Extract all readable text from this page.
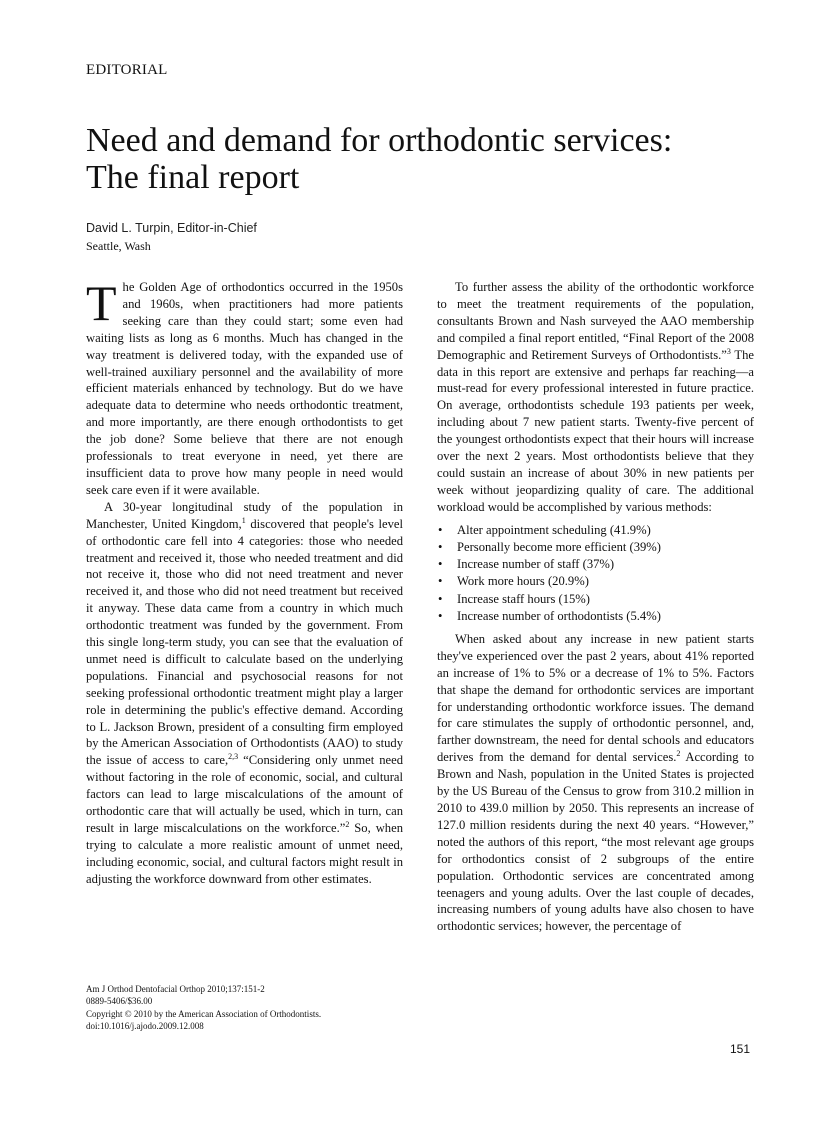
EDITORIAL
Need and demand for orthodontic services:
The final report
David L. Turpin, Editor-in-Chief
Seattle, Wash

The Golden Age of orthodontics occurred in the 1950s and 1960s, when practitioners had more patients seeking care than they could start; some even had waiting lists as long as 6 months. Much has changed in the way treatment is delivered today, with the expanded use of well-trained auxiliary personnel and the availability of more efficient materials enhanced by technology. But do we have adequate data to determine who needs orthodontic treatment, and more importantly, are there enough orthodontists to get the job done? Some believe that there are not enough professionals to treat everyone in need, yet there are insufficient data to prove how many people in need would seek care even if it were available.

A 30-year longitudinal study of the population in Manchester, United Kingdom,$^1$ discovered that people's level of orthodontic care fell into 4 categories: those who needed treatment and received it, those who needed treatment and did not receive it, those who did not need treatment and never received it, and those who did not need treatment but received it anyway. These data came from a country in which much orthodontic treatment was funded by the government. From this single long-term study, you can see that the evaluation of unmet need is difficult to calculate based on the underlying populations. Financial and psychosocial reasons for not seeking professional orthodontic treatment might play a larger role in determining the public's effective demand. According to L. Jackson Brown, president of a consulting firm employed by the American Association of Orthodontists (AAO) to study the issue of access to care,$^{2,3}$ “Considering only unmet need without factoring in the role of economic, social, and cultural factors can lead to large miscalculations of the amount of orthodontic care that will actually be used, which in turn, can result in large miscalculations on the workforce.”$^2$ So, when trying to calculate a more realistic amount of unmet need, including economic, social, and cultural factors might result in adjusting the workforce downward from other estimates.

To further assess the ability of the orthodontic workforce to meet the treatment requirements of the population, consultants Brown and Nash surveyed the AAO membership and compiled a final report entitled, “Final Report of the 2008 Demographic and Retirement Surveys of Orthodontists.”$^3$ The data in this report are extensive and perhaps far reaching—a must-read for every professional interested in future practice. On average, orthodontists schedule 193 patients per week, including about 7 new patient starts. Twenty-five percent of the youngest orthodontists expect that their hours will increase over the next 2 years. Most orthodontists believe that they could sustain an increase of about 30% in new patients per week without jeopardizing quality of care. The additional workload would be accomplished by various methods:

• Alter appointment scheduling (41.9%)
• Personally become more efficient (39%)
• Increase number of staff (37%)
• Work more hours (20.9%)
• Increase staff hours (15%)
• Increase number of orthodontists (5.4%)

When asked about any increase in new patient starts they've experienced over the past 2 years, about 41% reported an increase of 1% to 5% or a decrease of 1% to 5%. Factors that shape the demand for orthodontic services are important for understanding orthodontic workforce issues. The demand for care stimulates the supply of orthodontic personnel, and, farther downstream, the need for dental schools and educators derives from the demand for dental services.$^2$ According to Brown and Nash, population in the United States is projected by the US Bureau of the Census to grow from 310.2 million in 2010 to 439.0 million by 2050. This represents an increase of 127.0 million residents during the next 40 years. “However,” noted the authors of this report, “the most relevant age groups for orthodontics consist of 2 subgroups of the entire population. Orthodontic services are concentrated among teenagers and young adults. Over the last couple of decades, increasing numbers of young adults have also chosen to have orthodontic services; however, the percentage of

Am J Orthod Dentofacial Orthop 2010;137:151-2
0889-5406/$36.00
Copyright © 2010 by the American Association of Orthodontists.
doi:10.1016/j.ajodo.2009.12.008
151
